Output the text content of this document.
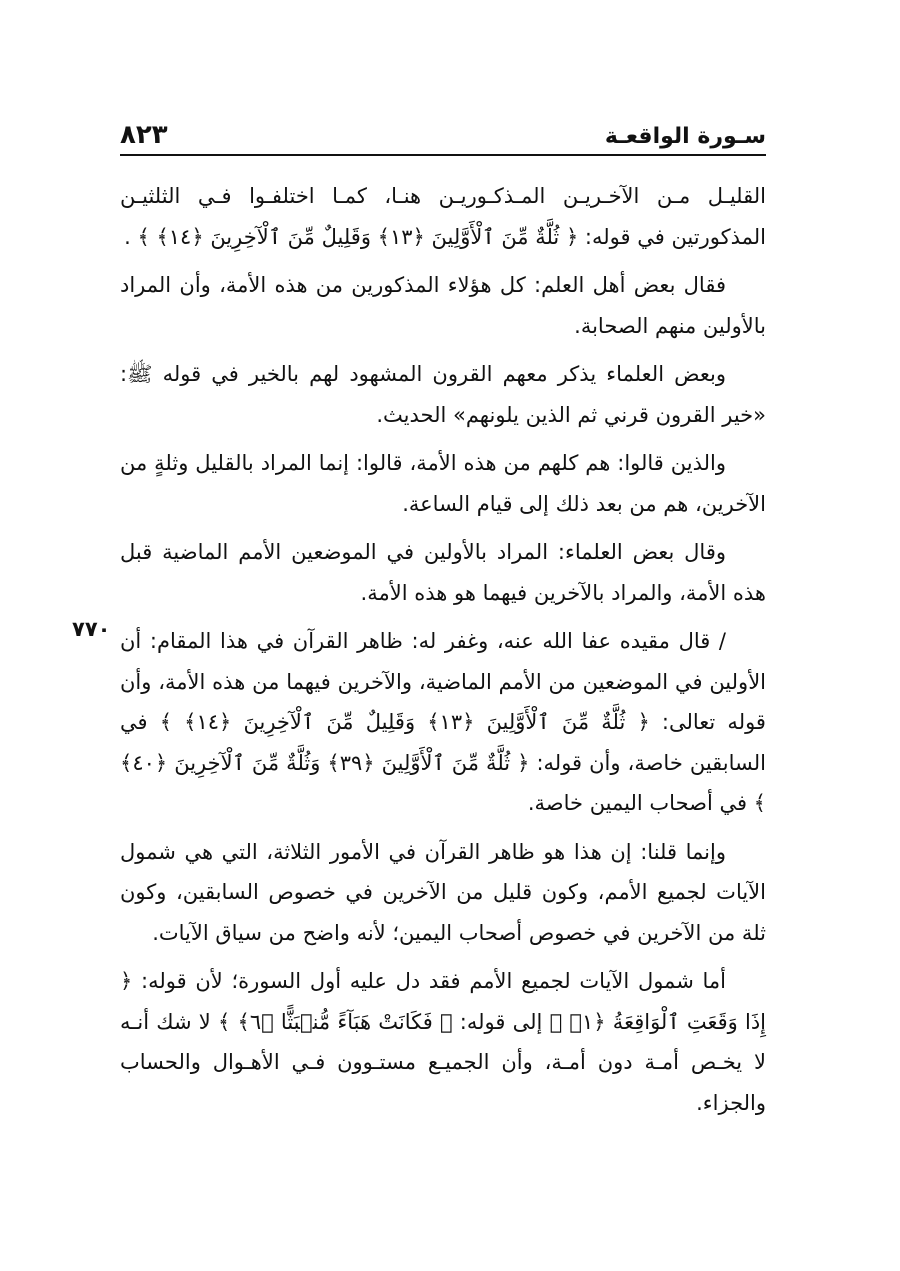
سـورة الواقعـة
٨٢٣
٧٧٠

القليـل مـن الآخـريـن المـذكـوريـن هنـا، كمـا اختلفـوا فـي الثلثيـن المذكورتين في قوله: ﴿ ثُلَّةٌ مِّنَ ٱلْأَوَّلِينَ ﴿١٣﴾ وَقَلِيلٌ مِّنَ ٱلْآخِرِينَ ﴿١٤﴾ ﴾ .

فقال بعض أهل العلم: كل هؤلاء المذكورين من هذه الأمة، وأن المراد بالأولين منهم الصحابة.

وبعض العلماء يذكر معهم القرون المشهود لهم بالخير في قوله ﷺ: «خير القرون قرني ثم الذين يلونهم» الحديث.

والذين قالوا: هم كلهم من هذه الأمة، قالوا: إنما المراد بالقليل وثلةٍ من الآخرين، هم من بعد ذلك إلى قيام الساعة.

وقال بعض العلماء: المراد بالأولين في الموضعين الأمم الماضية قبل هذه الأمة، والمراد بالآخرين فيهما هو هذه الأمة.

/ قال مقيده عفا الله عنه، وغفر له: ظاهر القرآن في هذا المقام: أن الأولين في الموضعين من الأمم الماضية، والآخرين فيهما من هذه الأمة، وأن قوله تعالى: ﴿ ثُلَّةٌ مِّنَ ٱلْأَوَّلِينَ ﴿١٣﴾ وَقَلِيلٌ مِّنَ ٱلْآخِرِينَ ﴿١٤﴾ ﴾ في السابقين خاصة، وأن قوله: ﴿ ثُلَّةٌ مِّنَ ٱلْأَوَّلِينَ ﴿٣٩﴾ وَثُلَّةٌ مِّنَ ٱلْآخِرِينَ ﴿٤٠﴾ ﴾ في أصحاب اليمين خاصة.

وإنما قلنا: إن هذا هو ظاهر القرآن في الأمور الثلاثة، التي هي شمول الآيات لجميع الأمم، وكون قليل من الآخرين في خصوص السابقين، وكون ثلة من الآخرين في خصوص أصحاب اليمين؛ لأنه واضح من سياق الآيات.

أما شمول الآيات لجميع الأمم فقد دل عليه أول السورة؛ لأن قوله: ﴿ إِذَا وَقَعَتِ ٱلْوَاقِعَةُ ﴿١﴾ ﴾ إلى قوله: ﴿ فَكَانَتْ هَبَآءً مُّنۢبَثًّا ﴿٦﴾ ﴾ لا شك أنـه لا يخـص أمـة دون أمـة، وأن الجميـع مستـوون فـي الأهـوال والحساب والجزاء.
